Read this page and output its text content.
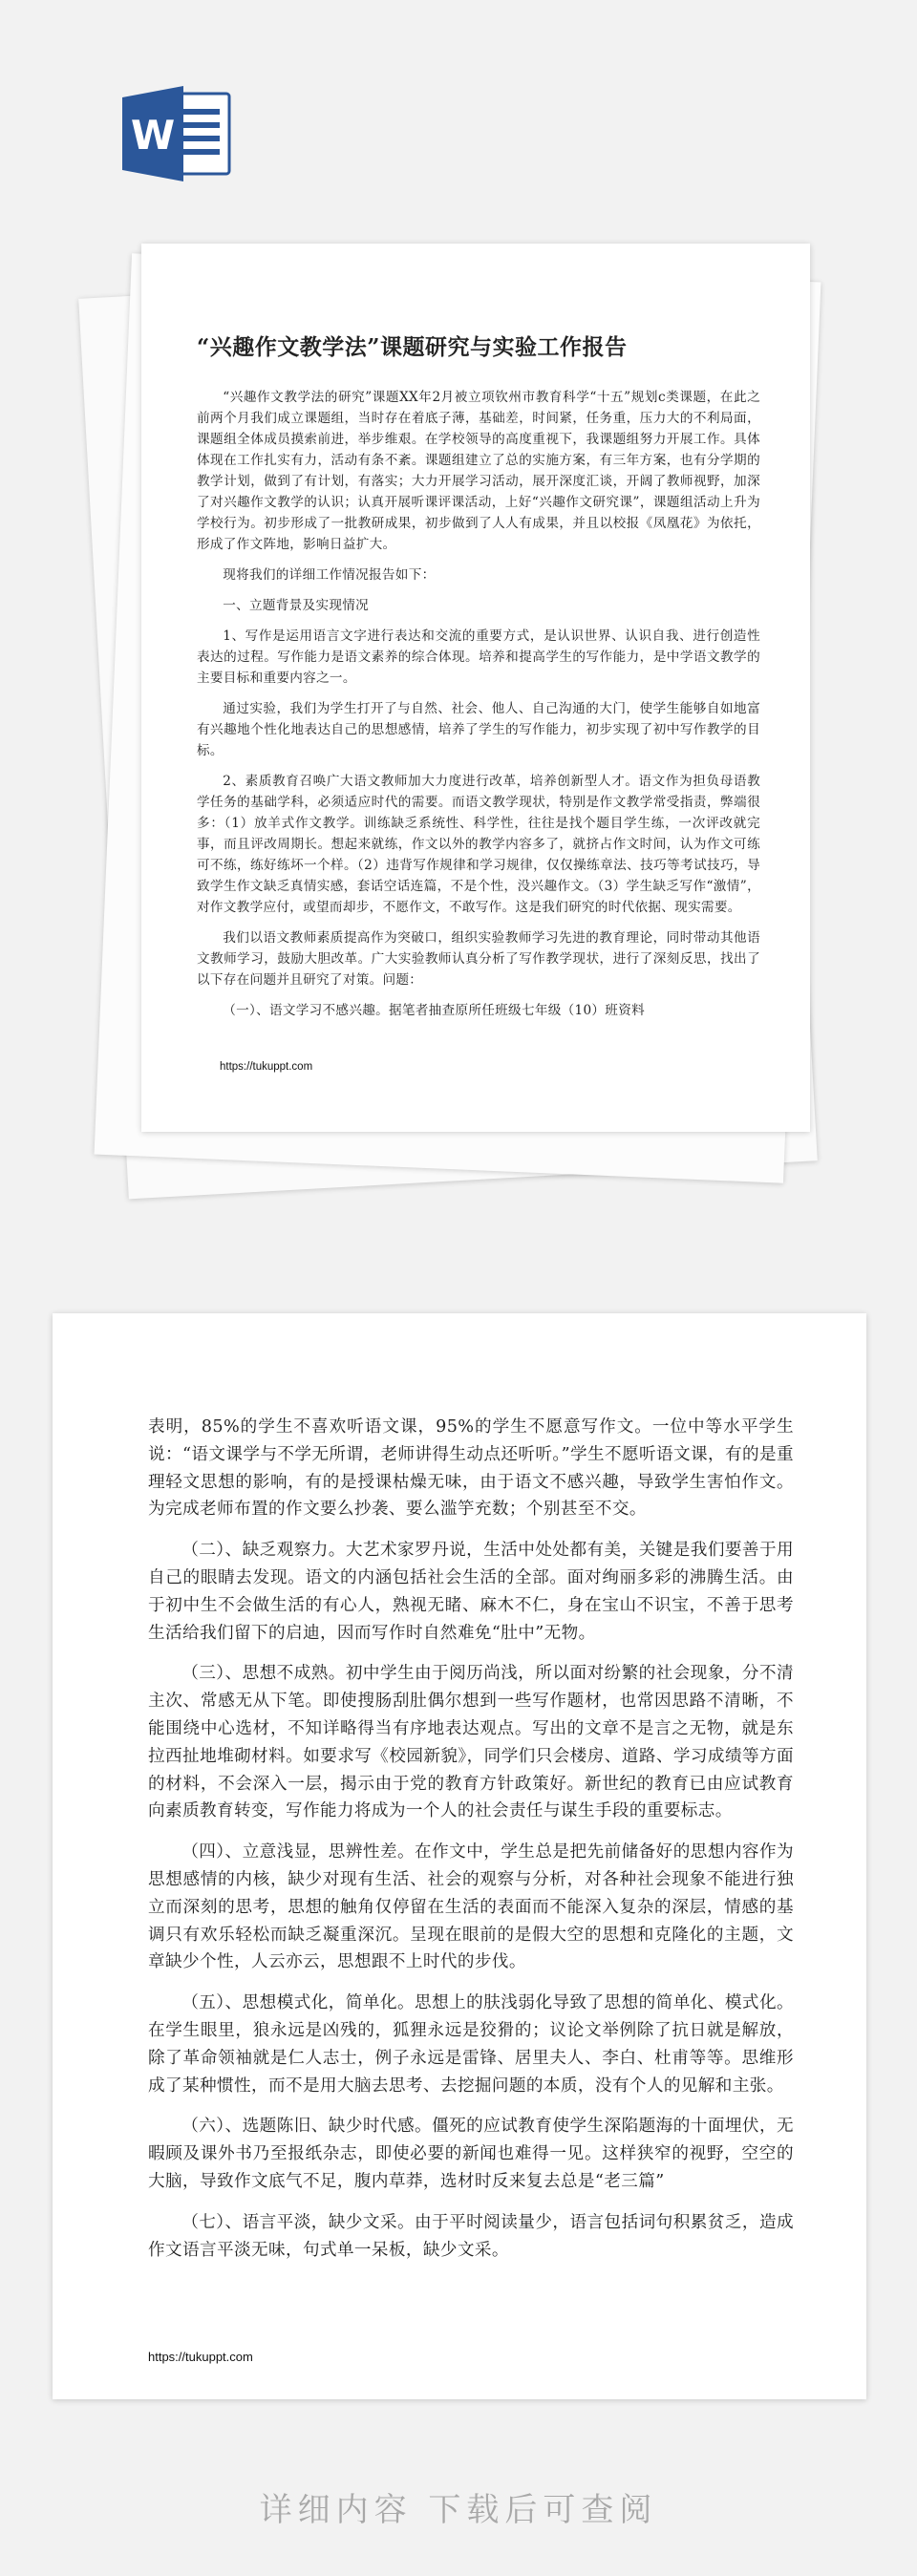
W
“兴趣作文教学法”课题研究与实验工作报告

“兴趣作文教学法的研究”课题XX年2月被立项钦州市教育科学“十五”规划c类课题，在此之前两个月我们成立课题组，当时存在着底子薄，基础差，时间紧，任务重，压力大的不利局面，课题组全体成员摸索前进，举步维艰。在学校领导的高度重视下，我课题组努力开展工作。具体体现在工作扎实有力，活动有条不紊。课题组建立了总的实施方案，有三年方案，也有分学期的教学计划，做到了有计划，有落实；大力开展学习活动，展开深度汇谈，开阔了教师视野，加深了对兴趣作文教学的认识；认真开展听课评课活动，上好“兴趣作文研究课”，课题组活动上升为学校行为。初步形成了一批教研成果，初步做到了人人有成果，并且以校报《凤凰花》为依托，形成了作文阵地，影响日益扩大。

现将我们的详细工作情况报告如下：

一、立题背景及实现情况

1、写作是运用语言文字进行表达和交流的重要方式，是认识世界、认识自我、进行创造性表达的过程。写作能力是语文素养的综合体现。培养和提高学生的写作能力，是中学语文教学的主要目标和重要内容之一。

通过实验，我们为学生打开了与自然、社会、他人、自己沟通的大门，使学生能够自如地富有兴趣地个性化地表达自己的思想感情，培养了学生的写作能力，初步实现了初中写作教学的目标。

2、素质教育召唤广大语文教师加大力度进行改革，培养创新型人才。语文作为担负母语教学任务的基础学科，必须适应时代的需要。而语文教学现状，特别是作文教学常受指责，弊端很多：（1）放羊式作文教学。训练缺乏系统性、科学性，往往是找个题目学生练，一次评改就完事，而且评改周期长。想起来就练，作文以外的教学内容多了，就挤占作文时间，认为作文可练可不练，练好练坏一个样。（2）违背写作规律和学习规律，仅仅操练章法、技巧等考试技巧，导致学生作文缺乏真情实感，套话空话连篇，不是个性，没兴趣作文。（3）学生缺乏写作“激情”，对作文教学应付，或望而却步，不愿作文，不敢写作。这是我们研究的时代依据、现实需要。

我们以语文教师素质提高作为突破口，组织实验教师学习先进的教育理论，同时带动其他语文教师学习，鼓励大胆改革。广大实验教师认真分析了写作教学现状，进行了深刻反思，找出了以下存在问题并且研究了对策。问题：

（一）、语文学习不感兴趣。据笔者抽查原所任班级七年级（10）班资料

https://tukuppt.com

表明，85%的学生不喜欢听语文课，95%的学生不愿意写作文。一位中等水平学生说：“语文课学与不学无所谓，老师讲得生动点还听听。”学生不愿听语文课，有的是重理轻文思想的影响，有的是授课枯燥无味，由于语文不感兴趣，导致学生害怕作文。为完成老师布置的作文要么抄袭、要么滥竽充数；个别甚至不交。

（二）、缺乏观察力。大艺术家罗丹说，生活中处处都有美，关键是我们要善于用自己的眼睛去发现。语文的内涵包括社会生活的全部。面对绚丽多彩的沸腾生活。由于初中生不会做生活的有心人，熟视无睹、麻木不仁，身在宝山不识宝，不善于思考生活给我们留下的启迪，因而写作时自然难免“肚中”无物。

（三）、思想不成熟。初中学生由于阅历尚浅，所以面对纷繁的社会现象，分不清主次、常感无从下笔。即使搜肠刮肚偶尔想到一些写作题材，也常因思路不清晰，不能围绕中心选材，不知详略得当有序地表达观点。写出的文章不是言之无物，就是东拉西扯地堆砌材料。如要求写《校园新貌》，同学们只会楼房、道路、学习成绩等方面的材料，不会深入一层，揭示由于党的教育方针政策好。新世纪的教育已由应试教育向素质教育转变，写作能力将成为一个人的社会责任与谋生手段的重要标志。

（四）、立意浅显，思辨性差。在作文中，学生总是把先前储备好的思想内容作为思想感情的内核，缺少对现有生活、社会的观察与分析，对各种社会现象不能进行独立而深刻的思考，思想的触角仅停留在生活的表面而不能深入复杂的深层，情感的基调只有欢乐轻松而缺乏凝重深沉。呈现在眼前的是假大空的思想和克隆化的主题，文章缺少个性，人云亦云，思想跟不上时代的步伐。

（五）、思想模式化，简单化。思想上的肤浅弱化导致了思想的简单化、模式化。在学生眼里，狼永远是凶残的，狐狸永远是狡猾的；议论文举例除了抗日就是解放，除了革命领袖就是仁人志士，例子永远是雷锋、居里夫人、李白、杜甫等等。思维形成了某种惯性，而不是用大脑去思考、去挖掘问题的本质，没有个人的见解和主张。

（六）、选题陈旧、缺少时代感。僵死的应试教育使学生深陷题海的十面埋伏，无暇顾及课外书乃至报纸杂志，即使必要的新闻也难得一见。这样狭窄的视野，空空的大脑，导致作文底气不足，腹内草莽，选材时反来复去总是“老三篇”

（七）、语言平淡，缺少文采。由于平时阅读量少，语言包括词句积累贫乏，造成作文语言平淡无味，句式单一呆板，缺少文采。

https://tukuppt.com
详细内容 下载后可查阅
